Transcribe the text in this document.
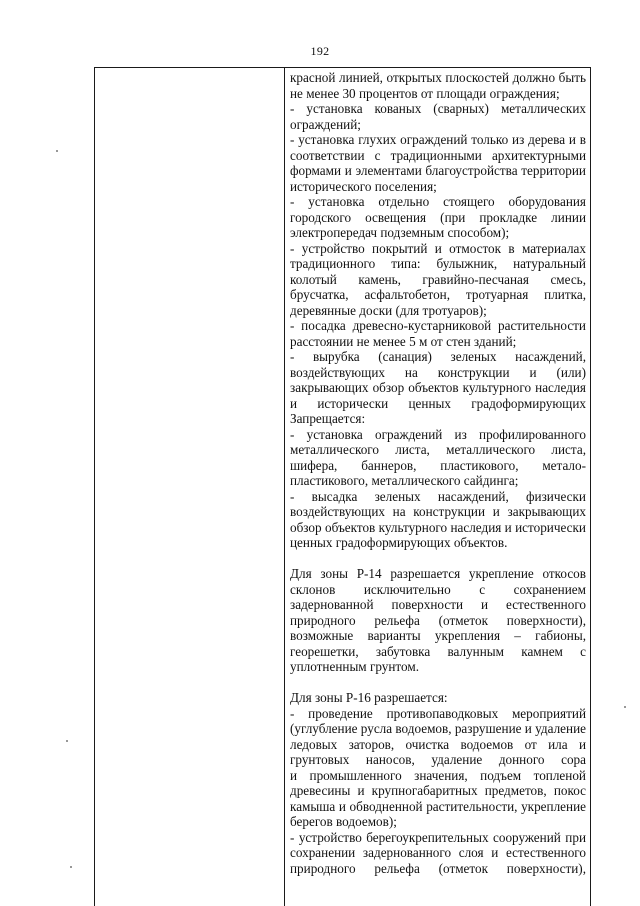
192
красной линией, открытых плоскостей должно быть
не менее 30 процентов от площади ограждения;
- установка кованых (сварных) металлических
ограждений;
- установка глухих ограждений только из дерева и в
соответствии с традиционными архитектурными
формами и элементами благоустройства территории
исторического поселения;
- установка отдельно стоящего оборудования
городского освещения (при прокладке линии
электропередач подземным способом);
- устройство покрытий и отмосток в материалах
традиционного типа: булыжник, натуральный
колотый камень, гравийно-песчаная смесь,
брусчатка, асфальтобетон, тротуарная плитка,
деревянные доски (для тротуаров);
- посадка древесно-кустарниковой растительности
расстоянии не менее 5 м от стен зданий;
- вырубка (санация) зеленых насаждений,
воздействующих на конструкции и (или)
закрывающих обзор объектов культурного наследия
и исторически ценных градоформирующих
Запрещается:
- установка ограждений из профилированного
металлического листа, металлического листа,
шифера, баннеров, пластикового, метало-
пластикового, металлического сайдинга;
- высадка зеленых насаждений, физически
воздействующих на конструкции и закрывающих
обзор объектов культурного наследия и исторически
ценных градоформирующих объектов.
Для зоны Р-14 разрешается укрепление откосов
склонов исключительно с сохранением
задернованной поверхности и естественного
природного рельефа (отметок поверхности),
возможные варианты укрепления – габионы,
георешетки, забутовка валунным камнем с
уплотненным грунтом.
Для зоны Р-16 разрешается:
- проведение противопаводковых мероприятий
(углубление русла водоемов, разрушение и удаление
ледовых заторов, очистка водоемов от ила и
грунтовых наносов, удаление донного сора
и промышленного значения, подъем топленой
древесины и крупногабаритных предметов, покос
камыша и обводненной растительности, укрепление
берегов водоемов);
- устройство берегоукрепительных сооружений при
сохранении задернованного слоя и естественного
природного рельефа (отметок поверхности),
